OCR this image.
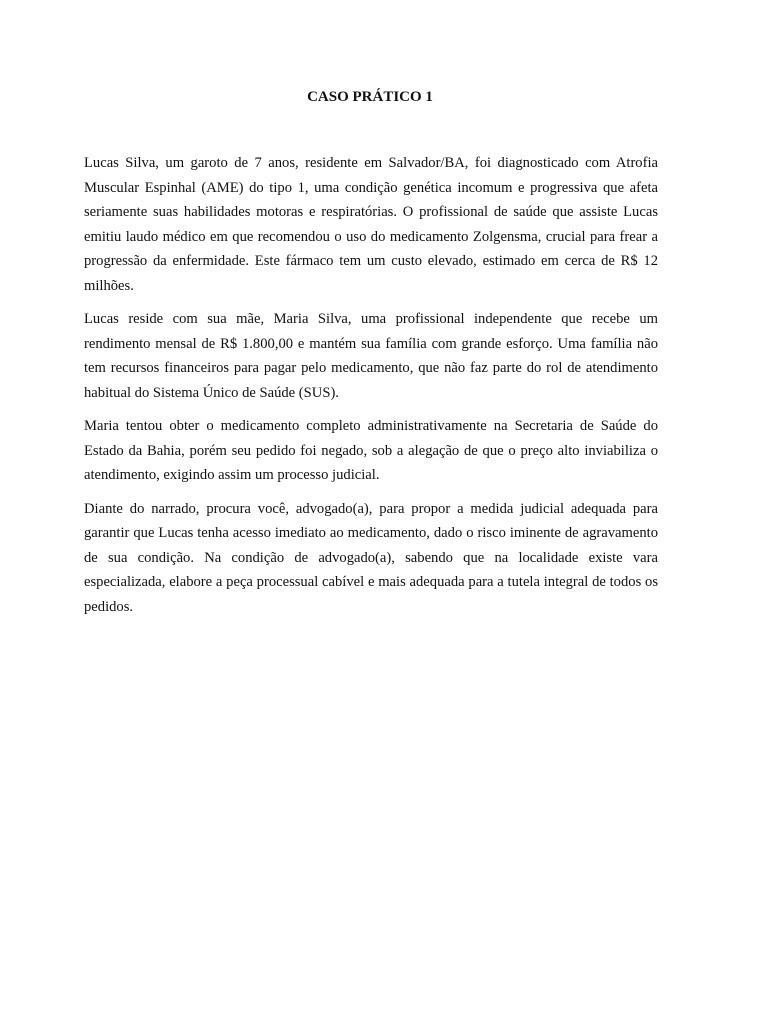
CASO PRÁTICO 1

Lucas Silva, um garoto de 7 anos, residente em Salvador/BA, foi diagnosticado com Atrofia Muscular Espinhal (AME) do tipo 1, uma condição genética incomum e progressiva que afeta seriamente suas habilidades motoras e respiratórias. O profissional de saúde que assiste Lucas emitiu laudo médico em que recomendou o uso do medicamento Zolgensma, crucial para frear a progressão da enfermidade. Este fármaco tem um custo elevado, estimado em cerca de R$ 12 milhões.

Lucas reside com sua mãe, Maria Silva, uma profissional independente que recebe um rendimento mensal de R$ 1.800,00 e mantém sua família com grande esforço. Uma família não tem recursos financeiros para pagar pelo medicamento, que não faz parte do rol de atendimento habitual do Sistema Único de Saúde (SUS).

Maria tentou obter o medicamento completo administrativamente na Secretaria de Saúde do Estado da Bahia, porém seu pedido foi negado, sob a alegação de que o preço alto inviabiliza o atendimento, exigindo assim um processo judicial.

Diante do narrado, procura você, advogado(a), para propor a medida judicial adequada para garantir que Lucas tenha acesso imediato ao medicamento, dado o risco iminente de agravamento de sua condição. Na condição de advogado(a), sabendo que na localidade existe vara especializada, elabore a peça processual cabível e mais adequada para a tutela integral de todos os pedidos.
